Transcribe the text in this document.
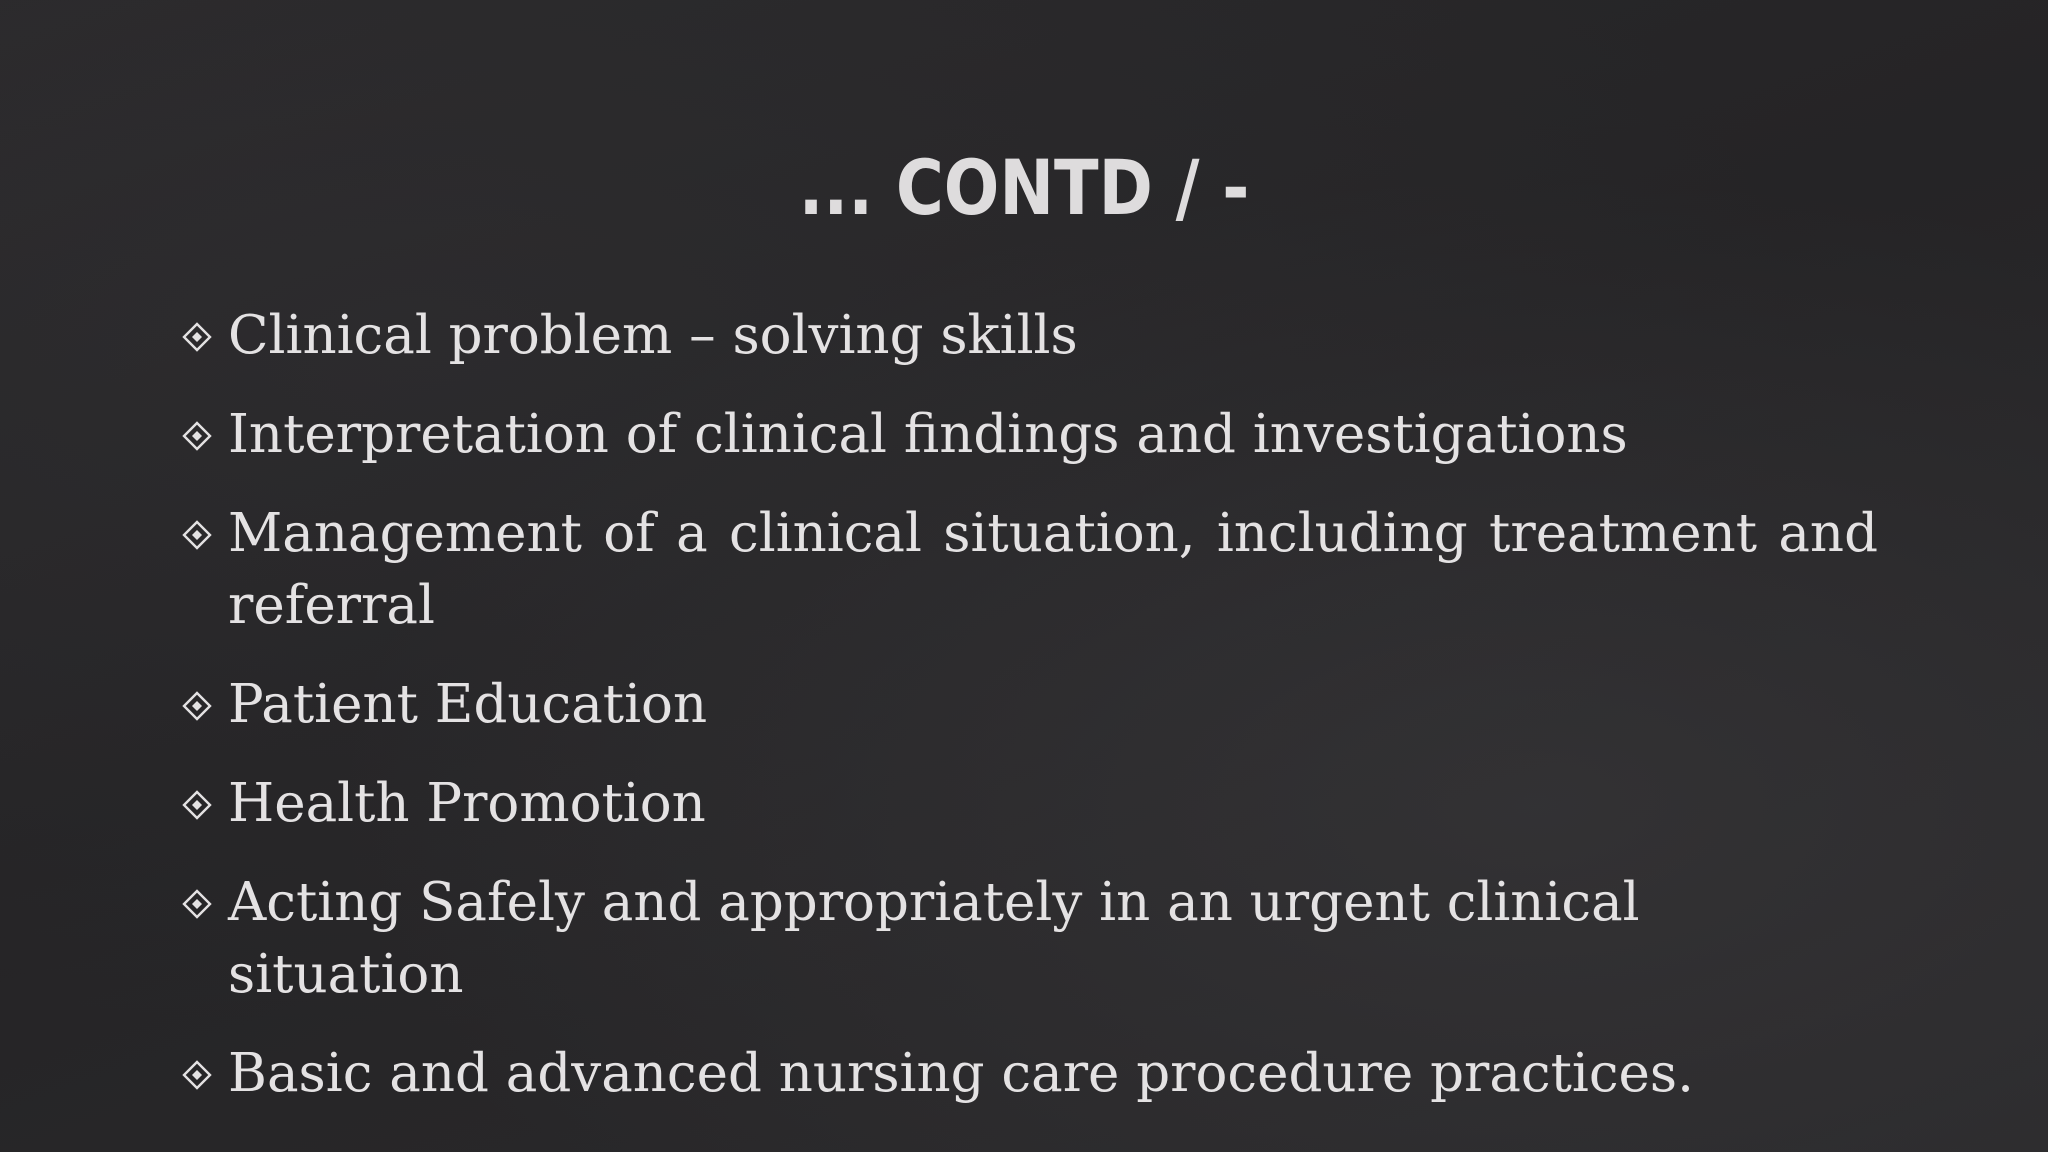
... CONTD / -
Clinical problem – solving skills
Interpretation of clinical findings and investigations
Management of a clinical situation, including treatment and referral
Patient Education
Health Promotion
Acting Safely and appropriately in an urgent clinical situation
Basic and advanced nursing care procedure practices.
